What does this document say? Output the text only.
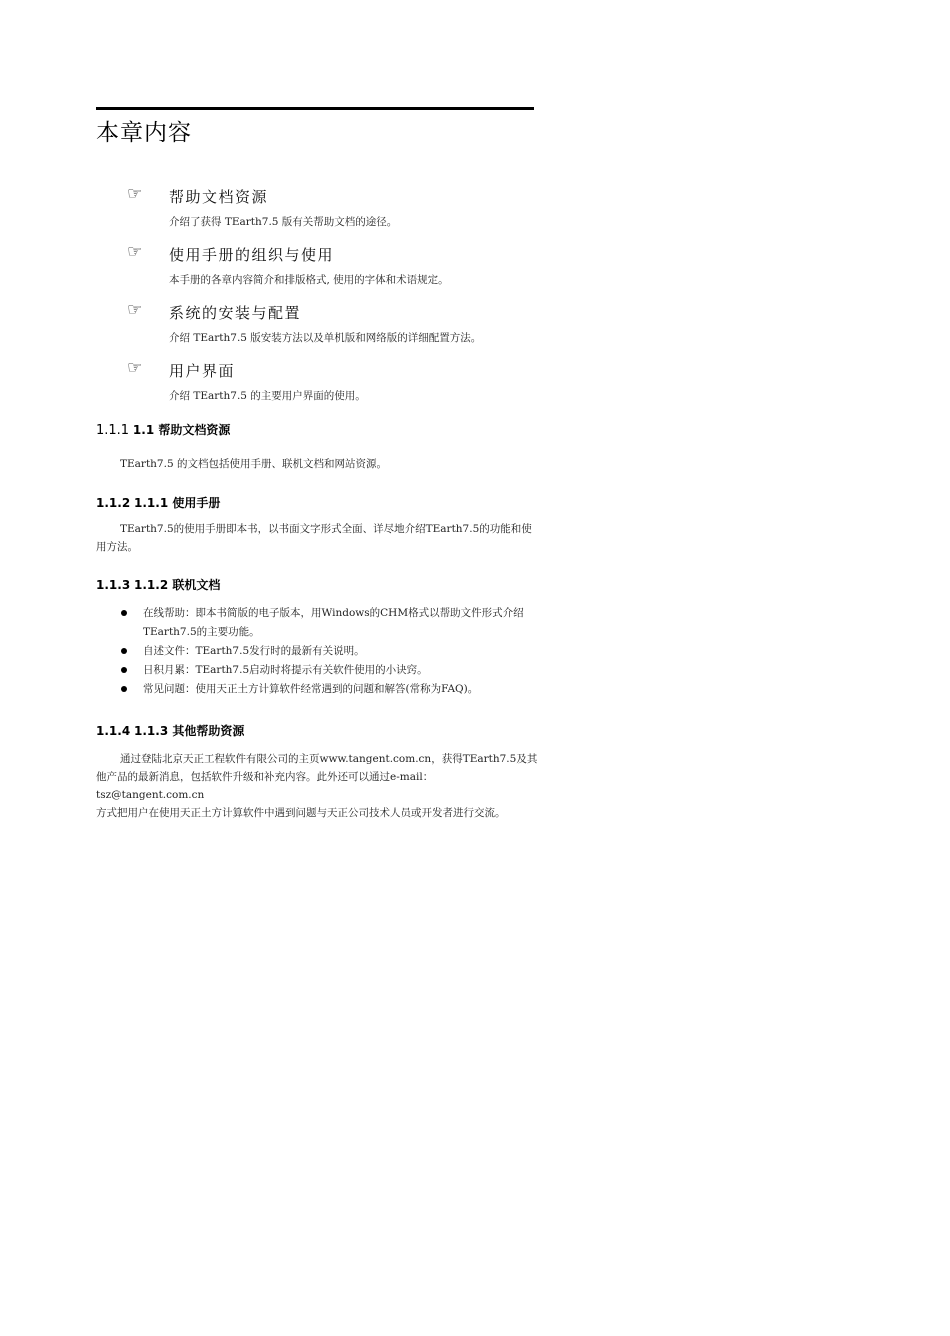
本章内容
☞ 帮助文档资源
介绍了获得 TEarth7.5 版有关帮助文档的途径。
☞ 使用手册的组织与使用
本手册的各章内容简介和排版格式, 使用的字体和术语规定。
☞ 系统的安装与配置
介绍 TEarth7.5 版安装方法以及单机版和网络版的详细配置方法。
☞ 用户界面
介绍 TEarth7.5 的主要用户界面的使用。
1.1.1 1.1 帮助文档资源

TEarth7.5 的文档包括使用手册、联机文档和网站资源。

1.1.2 1.1.1 使用手册

TEarth7.5的使用手册即本书，以书面文字形式全面、详尽地介绍TEarth7.5的功能和使
用方法。

1.1.3 1.1.2 联机文档
在线帮助：即本书简版的电子版本，用Windows的CHM格式以帮助文件形式介绍
TEarth7.5的主要功能。
自述文件：TEarth7.5发行时的最新有关说明。
日积月累：TEarth7.5启动时将提示有关软件使用的小诀窍。
常见问题：使用天正土方计算软件经常遇到的问题和解答(常称为FAQ)。
1.1.4 1.1.3 其他帮助资源

通过登陆北京天正工程软件有限公司的主页www.tangent.com.cn，获得TEarth7.5及其
他产品的最新消息，包括软件升级和补充内容。此外还可以通过e-mail：tsz@tangent.com.cn
方式把用户在使用天正土方计算软件中遇到问题与天正公司技术人员或开发者进行交流。
